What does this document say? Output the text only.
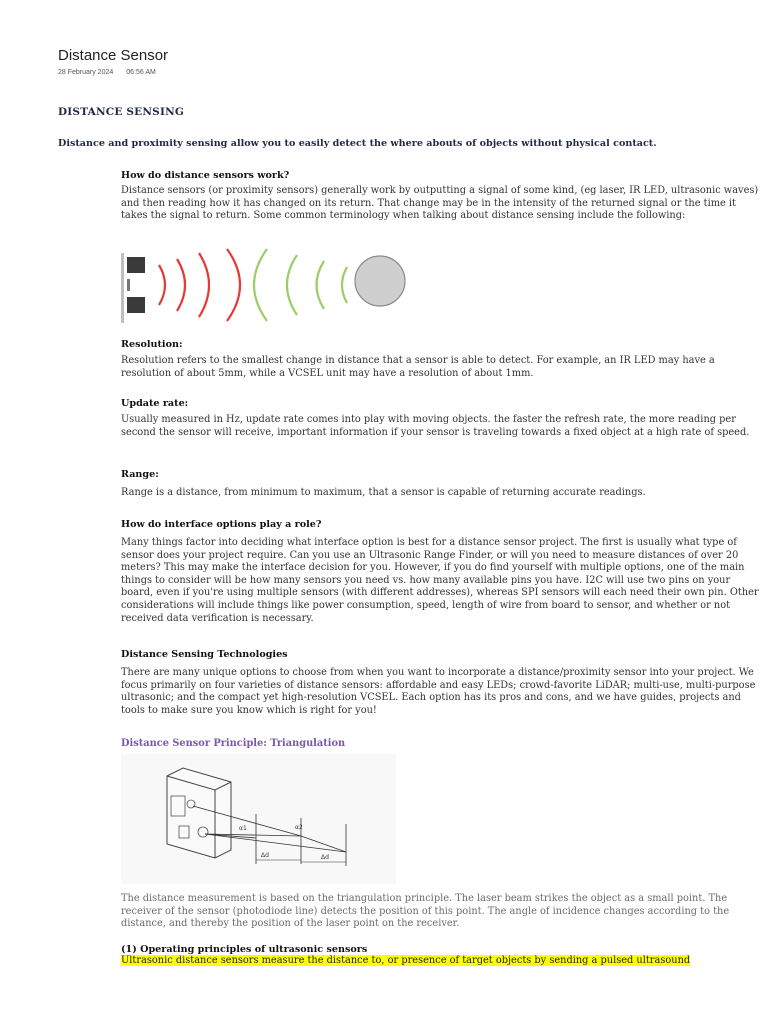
Distance Sensor
28 February 2024 06:56 AM
DISTANCE SENSING
Distance and proximity sensing allow you to easily detect the where abouts of objects without physical contact.

How do distance sensors work?

Distance sensors (or proximity sensors) generally work by outputting a signal of some kind, (eg laser, IR LED, ultrasonic waves) and then reading how it has changed on its return. That change may be in the intensity of the returned signal or the time it takes the signal to return. Some common terminology when talking about distance sensing include the following:

Resolution:

Resolution refers to the smallest change in distance that a sensor is able to detect. For example, an IR LED may have a resolution of about 5mm, while a VCSEL unit may have a resolution of about 1mm.

Update rate:

Usually measured in Hz, update rate comes into play with moving objects. the faster the refresh rate, the more reading per second the sensor will receive, important information if your sensor is traveling towards a fixed object at a high rate of speed.

Range:

Range is a distance, from minimum to maximum, that a sensor is capable of returning accurate readings.

How do interface options play a role?

Many things factor into deciding what interface option is best for a distance sensor project. The first is usually what type of sensor does your project require. Can you use an Ultrasonic Range Finder, or will you need to measure distances of over 20 meters? This may make the interface decision for you. However, if you do find yourself with multiple options, one of the main things to consider will be how many sensors you need vs. how many available pins you have. I2C will use two pins on your board, even if you're using multiple sensors (with different addresses), whereas SPI sensors will each need their own pin. Other considerations will include things like power consumption, speed, length of wire from board to sensor, and whether or not received data verification is necessary.

Distance Sensing Technologies

There are many unique options to choose from when you want to incorporate a distance/proximity sensor into your project. We focus primarily on four varieties of distance sensors: affordable and easy LEDs; crowd-favorite LiDAR; multi-use, multi-purpose ultrasonic; and the compact yet high-resolution VCSEL. Each option has its pros and cons, and we have guides, projects and tools to make sure you know which is right for you!

Distance Sensor Principle: Triangulation
α1	α2
Δd	Δd

The distance measurement is based on the triangulation principle. The laser beam strikes the object as a small point. The receiver of the sensor (photodiode line) detects the position of this point. The angle of incidence changes according to the distance, and thereby the position of the laser point on the receiver.

(1) Operating principles of ultrasonic sensors

Ultrasonic distance sensors measure the distance to, or presence of target objects by sending a pulsed ultrasound
